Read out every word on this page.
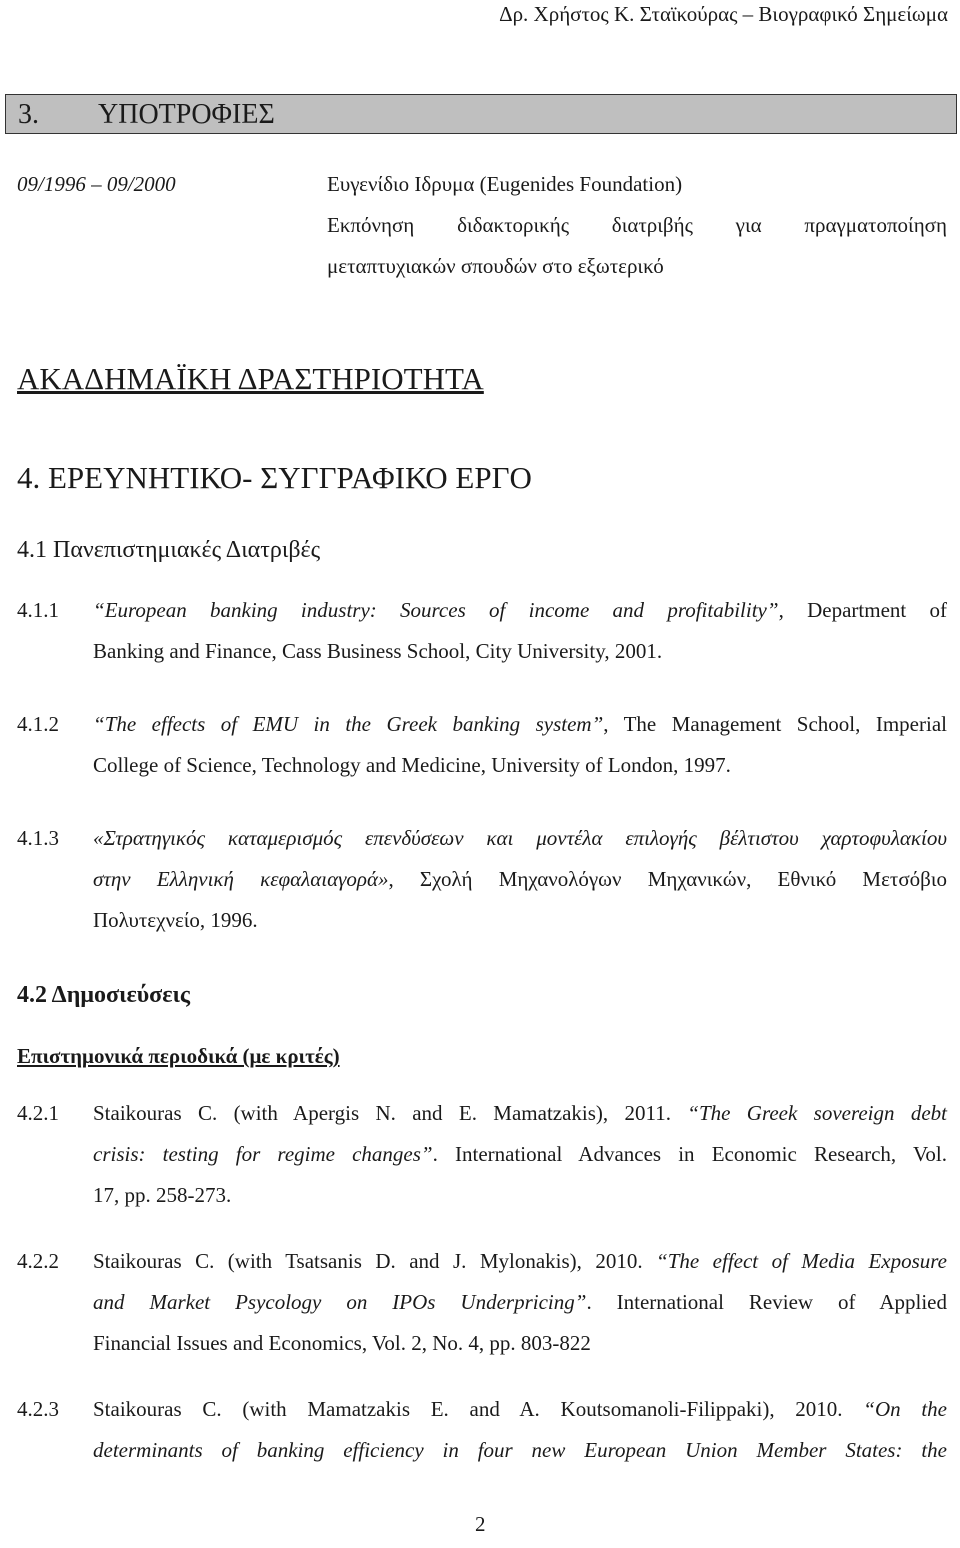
Δρ. Χρήστος Κ. Σταϊκούρας – Βιογραφικό Σημείωμα
3. ΥΠΟΤΡΟΦΙΕΣ
09/1996 – 09/2000	Ευγενίδιο Ιδρυμα (Eugenides Foundation)
Εκπόνηση διδακτορικής διατριβής για πραγματοποίηση
μεταπτυχιακών σπουδών στο εξωτερικό
ΑΚΑΔΗΜΑΪΚΗ ΔΡΑΣΤΗΡΙΟΤΗΤΑ
4. ΕΡΕΥΝΗΤΙΚΟ- ΣΥΓΓΡΑΦΙΚΟ ΕΡΓΟ
4.1 Πανεπιστημιακές Διατριβές
4.1.1 “European banking industry: Sources of income and profitability”, Department of
Banking and Finance, Cass Business School, City University, 2001.
4.1.2 “The effects of EMU in the Greek banking system”, The Management School, Imperial
College of Science, Technology and Medicine, University of London, 1997.
4.1.3 «Στρατηγικός καταμερισμός επενδύσεων και μοντέλα επιλογής βέλτιστου χαρτοφυλακίου
στην Ελληνική κεφαλαιαγορά», Σχολή Μηχανολόγων Μηχανικών, Εθνικό Μετσόβιο
Πολυτεχνείο, 1996.
4.2 Δημοσιεύσεις
Επιστημονικά περιοδικά (με κριτές)
4.2.1 Staikouras C. (with Apergis N. and E. Mamatzakis), 2011. “The Greek sovereign debt
crisis: testing for regime changes”. International Advances in Economic Research, Vol.
17, pp. 258-273.
4.2.2 Staikouras C. (with Tsatsanis D. and J. Mylonakis), 2010. “The effect of Media Exposure
and Market Psycology on IPOs Underpricing”. International Review of Applied
Financial Issues and Economics, Vol. 2, No. 4, pp. 803-822
4.2.3 Staikouras C. (with Mamatzakis E. and A. Koutsomanoli-Filippaki), 2010. “On the
determinants of banking efficiency in four new European Union Member States: the
2
